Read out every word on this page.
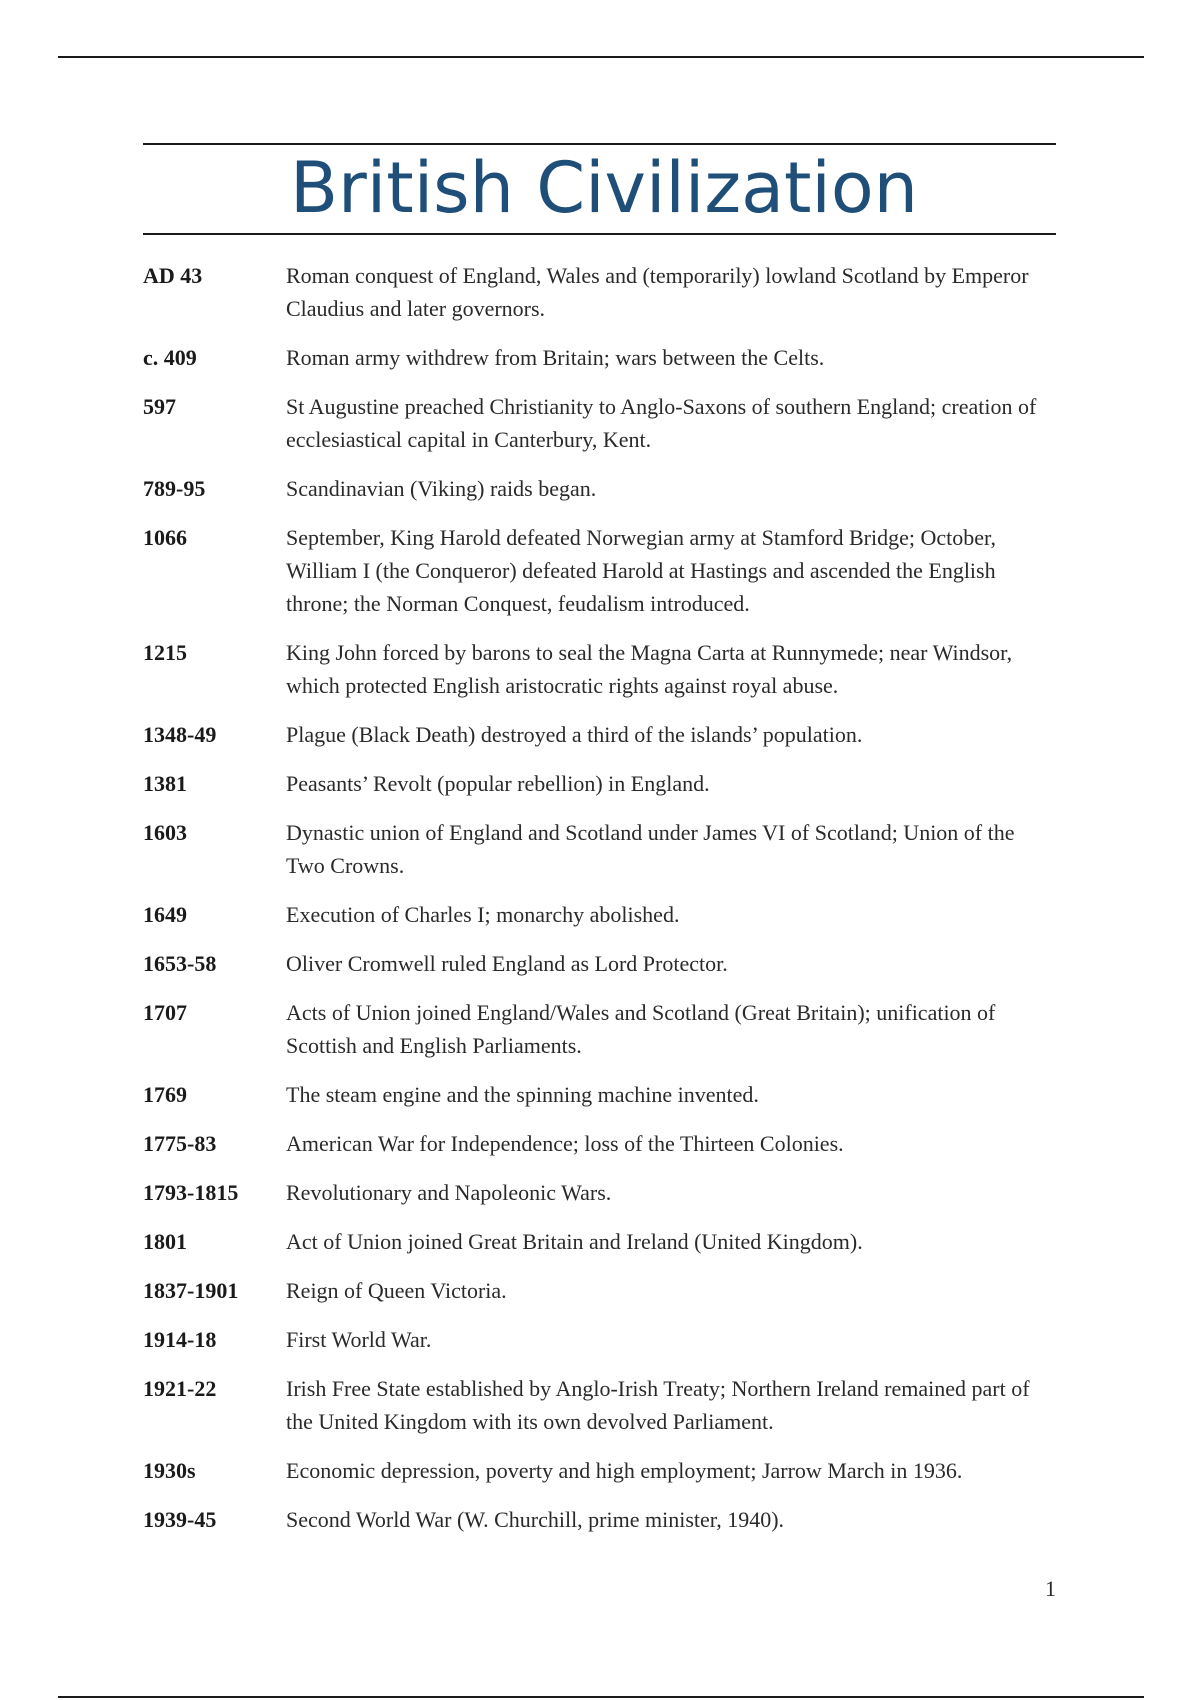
British Civilization
AD 43	Roman conquest of England, Wales and (temporarily) lowland Scotland by Emperor Claudius and later governors.
c. 409	Roman army withdrew from Britain; wars between the Celts.
597	St Augustine preached Christianity to Anglo-Saxons of southern England; creation of ecclesiastical capital in Canterbury, Kent.
789-95	Scandinavian (Viking) raids began.
1066	September, King Harold defeated Norwegian army at Stamford Bridge; October, William I (the Conqueror) defeated Harold at Hastings and ascended the English throne; the Norman Conquest, feudalism introduced.
1215	King John forced by barons to seal the Magna Carta at Runnymede; near Windsor, which protected English aristocratic rights against royal abuse.
1348-49	Plague (Black Death) destroyed a third of the islands’ population.
1381	Peasants’ Revolt (popular rebellion) in England.
1603	Dynastic union of England and Scotland under James VI of Scotland; Union of the Two Crowns.
1649	Execution of Charles I; monarchy abolished.
1653-58	Oliver Cromwell ruled England as Lord Protector.
1707	Acts of Union joined England/Wales and Scotland (Great Britain); unification of Scottish and English Parliaments.
1769	The steam engine and the spinning machine invented.
1775-83	American War for Independence; loss of the Thirteen Colonies.
1793-1815	Revolutionary and Napoleonic Wars.
1801	Act of Union joined Great Britain and Ireland (United Kingdom).
1837-1901	Reign of Queen Victoria.
1914-18	First World War.
1921-22	Irish Free State established by Anglo-Irish Treaty; Northern Ireland remained part of the United Kingdom with its own devolved Parliament.
1930s	Economic depression, poverty and high employment; Jarrow March in 1936.
1939-45	Second World War (W. Churchill, prime minister, 1940).
1
